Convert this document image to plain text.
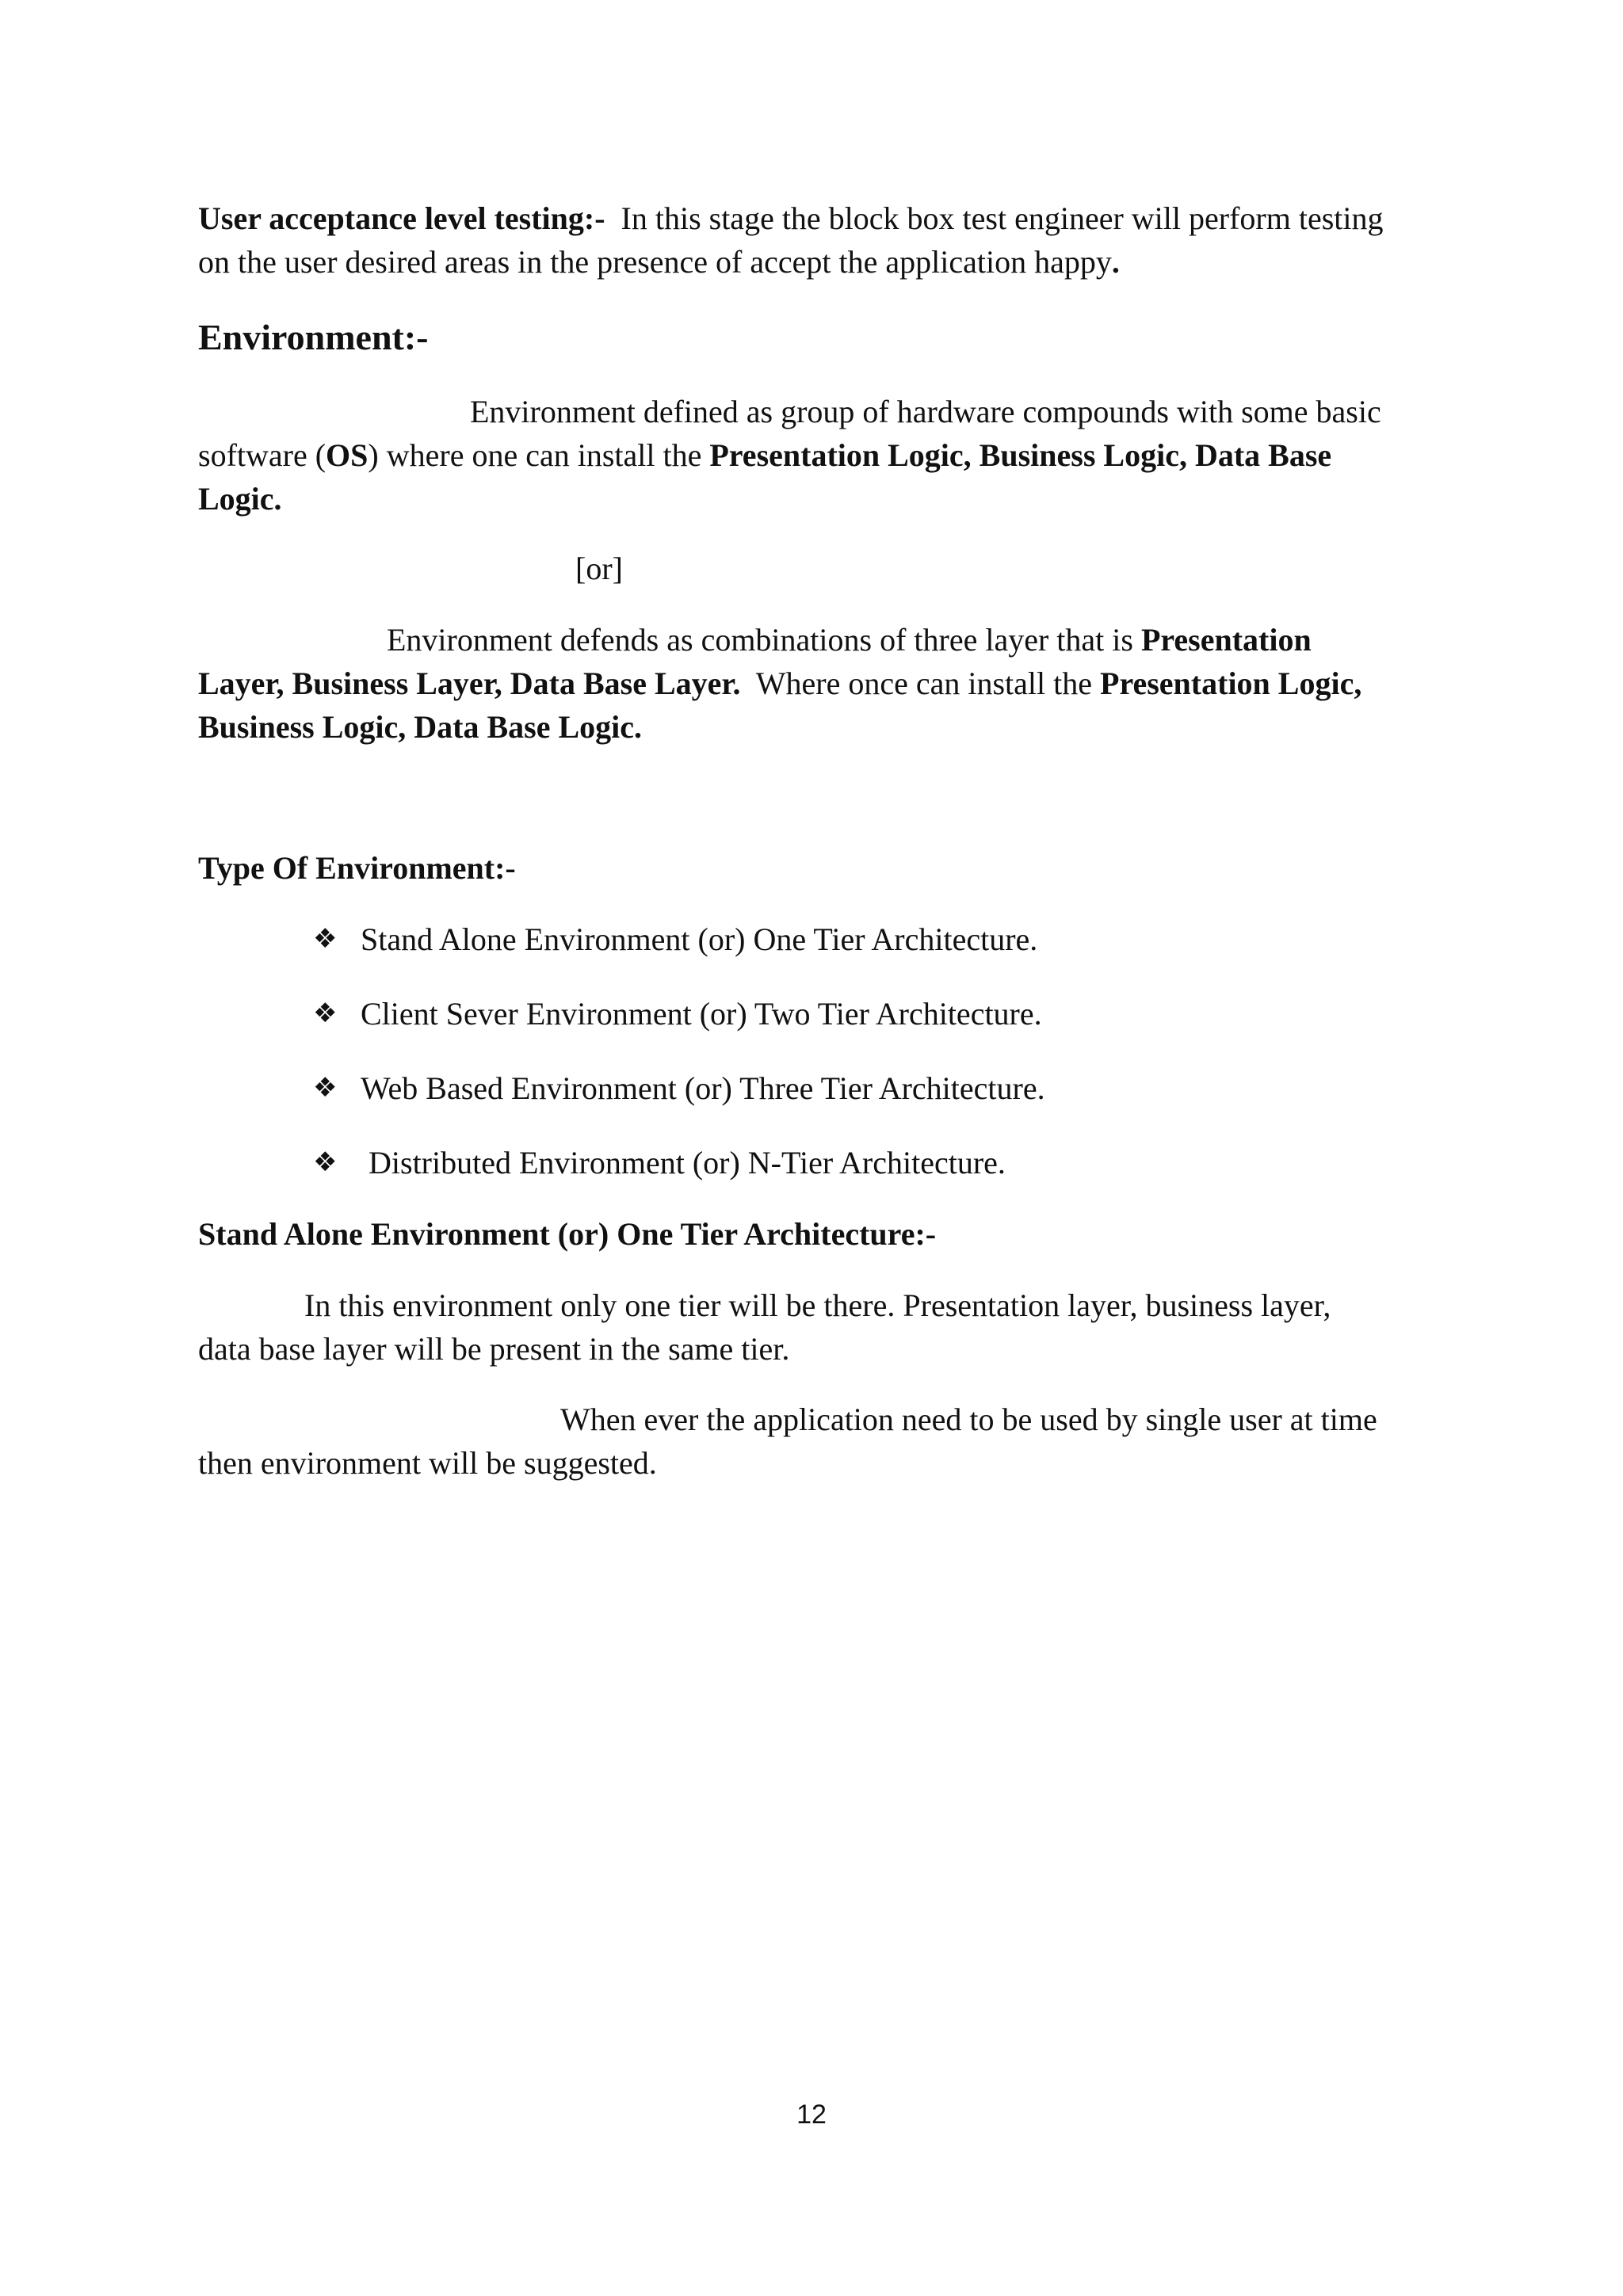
User acceptance level testing:-  In this stage the block box test engineer will perform testing

on the user desired areas in the presence of accept the application happy.

Environment:-

Environment defined as group of hardware compounds with some basic

software (OS) where one can install the Presentation Logic, Business Logic, Data Base

Logic.

[or]

Environment defends as combinations of three layer that is Presentation

Layer, Business Layer, Data Base Layer.  Where once can install the Presentation Logic,

Business Logic, Data Base Logic.

Type Of Environment:-
❖ Stand Alone Environment (or) One Tier Architecture.
❖ Client Sever Environment (or) Two Tier Architecture.
❖ Web Based Environment (or) Three Tier Architecture.
❖ Distributed Environment (or) N-Tier Architecture.
Stand Alone Environment (or) One Tier Architecture:-

In this environment only one tier will be there. Presentation layer, business layer,

data base layer will be present in the same tier.

When ever the application need to be used by single user at time

then environment will be suggested.

12
